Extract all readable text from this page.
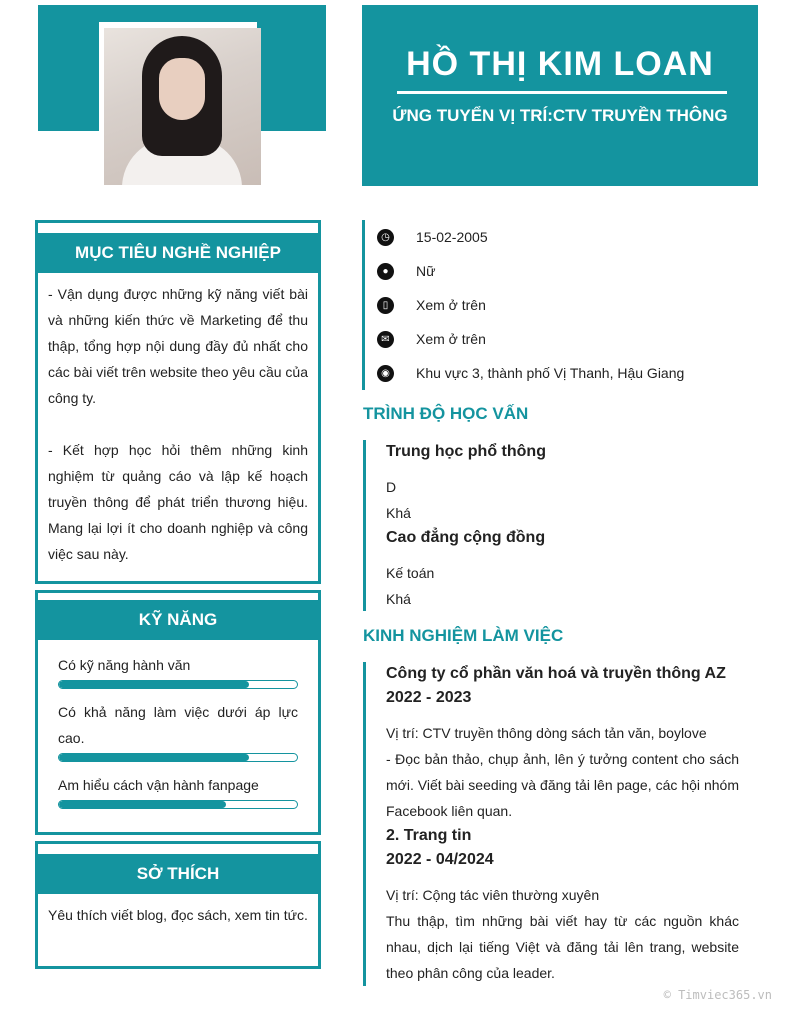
HỒ THỊ KIM LOAN
ỨNG TUYỂN VỊ TRÍ:CTV TRUYỀN THÔNG
MỤC TIÊU NGHỀ NGHIỆP
- Vận dụng được những kỹ năng viết bài và những kiến thức về Marketing để thu thập, tổng hợp nội dung đầy đủ nhất cho các bài viết trên website theo yêu cầu của công ty.
- Kết hợp học hỏi thêm những kinh nghiệm từ quảng cáo và lập kế hoạch truyền thông để phát triển thương hiệu. Mang lại lợi ít cho doanh nghiệp và công việc sau này.
KỸ NĂNG
Có kỹ năng hành văn
Có khả năng làm việc dưới áp lực cao.
Am hiểu cách vận hành fanpage
SỞ THÍCH
Yêu thích viết blog, đọc sách, xem tin tức.
◷ 15-02-2005
●	Nữ
▯	Xem ở trên
✉	Xem ở trên
◉ Khu vực 3, thành phố Vị Thanh, Hậu Giang
TRÌNH ĐỘ HỌC VẤN
Trung học phổ thông
D
Khá
Cao đẳng cộng đồng
Kế toán
Khá
KINH NGHIỆM LÀM VIỆC
Công ty cổ phần văn hoá và truyền thông AZ
2022 - 2023
Vị trí: CTV truyền thông dòng sách tản văn, boylove
- Đọc bản thảo, chụp ảnh, lên ý tưởng content cho sách mới. Viết bài seeding và đăng tải lên page, các hội nhóm Facebook liên quan.
2. Trang tin
2022 - 04/2024
Vị trí: Cộng tác viên thường xuyên
Thu thập, tìm những bài viết hay từ các nguồn khác nhau, dịch lại tiếng Việt và đăng tải lên trang, website theo phân công của leader.
© Timviec365.vn
